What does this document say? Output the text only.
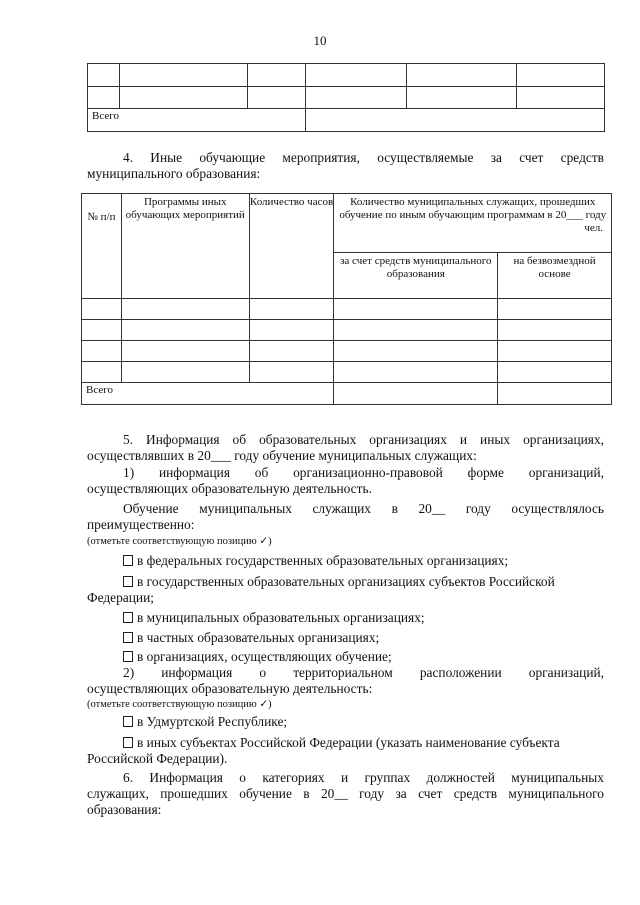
10

Всего					
4. Иные обучающие мероприятия, осуществляемые за счет средств
муниципального образования:
№ п/п	Программы иных обучающих мероприятий	Количество часов	Количество муниципальных служащих, прошедших обучение по иным обучающим программам в 20___ году
чел.	

			за счет средств муниципального образования	на безвозмездной основе

Всего				
5. Информация об образовательных организациях и иных организациях,
осуществлявших в 20___ году обучение муниципальных служащих:
1) информация об организационно-правовой форме организаций,
осуществляющих образовательную деятельность.
Обучение муниципальных служащих в 20__ году осуществлялось
преимущественно:
(отметьте соответствующую позицию ✓)
в федеральных государственных образовательных организациях;
в государственных образовательных организациях субъектов Российской
Федерации;
в муниципальных образовательных организациях;
в частных образовательных организациях;
в организациях, осуществляющих обучение;
2) информация о территориальном расположении организаций,
осуществляющих образовательную деятельность:
(отметьте соответствующую позицию ✓)
в Удмуртской Республике;
в иных субъектах Российской Федерации (указать наименование субъекта
Российской Федерации).
6. Информация о категориях и группах должностей муниципальных
служащих, прошедших обучение в 20__ году за счет средств муниципального
образования:
